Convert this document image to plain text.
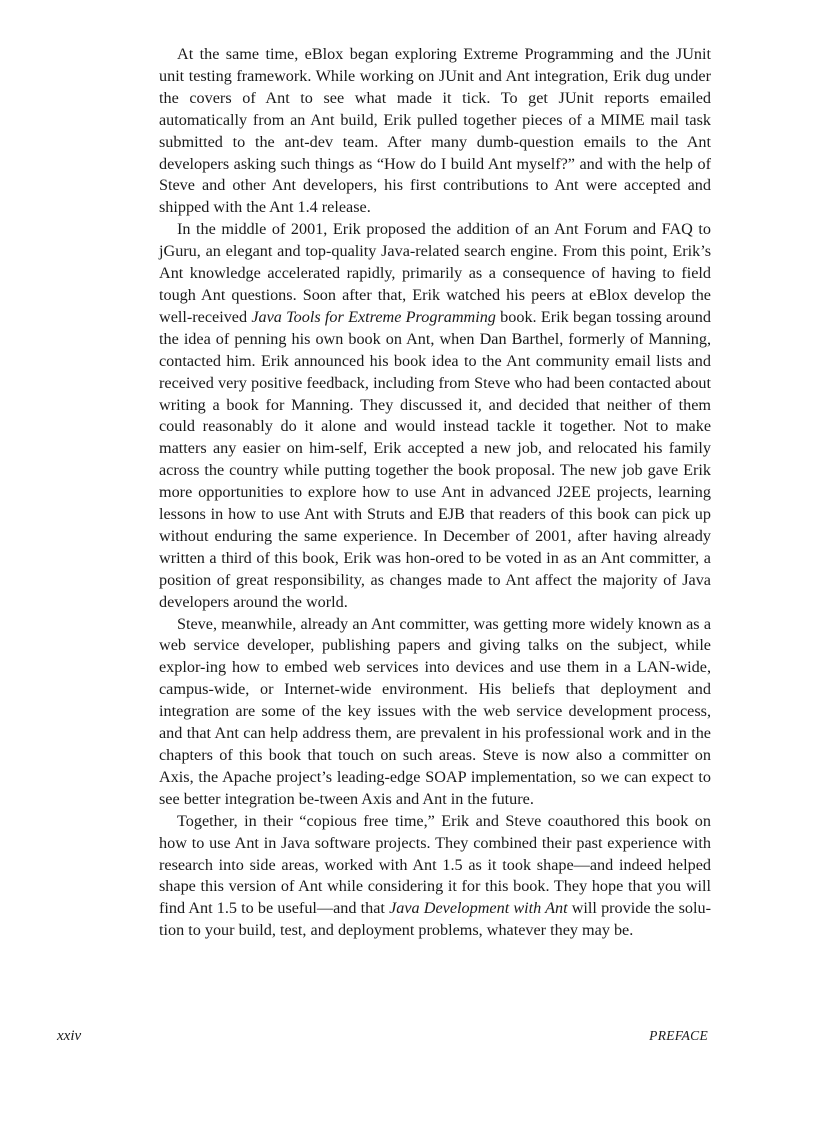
At the same time, eBlox began exploring Extreme Programming and the JUnit unit testing framework. While working on JUnit and Ant integration, Erik dug under the covers of Ant to see what made it tick. To get JUnit reports emailed automatically from an Ant build, Erik pulled together pieces of a MIME mail task submitted to the ant-dev team. After many dumb-question emails to the Ant developers asking such things as “How do I build Ant myself?” and with the help of Steve and other Ant developers, his first contributions to Ant were accepted and shipped with the Ant 1.4 release.

In the middle of 2001, Erik proposed the addition of an Ant Forum and FAQ to jGuru, an elegant and top-quality Java-related search engine. From this point, Erik’s Ant knowledge accelerated rapidly, primarily as a consequence of having to field tough Ant questions. Soon after that, Erik watched his peers at eBlox develop the well-received Java Tools for Extreme Programming book. Erik began tossing around the idea of penning his own book on Ant, when Dan Barthel, formerly of Manning, contacted him. Erik announced his book idea to the Ant community email lists and received very positive feedback, including from Steve who had been contacted about writing a book for Manning. They discussed it, and decided that neither of them could reasonably do it alone and would instead tackle it together. Not to make matters any easier on him-self, Erik accepted a new job, and relocated his family across the country while putting together the book proposal. The new job gave Erik more opportunities to explore how to use Ant in advanced J2EE projects, learning lessons in how to use Ant with Struts and EJB that readers of this book can pick up without enduring the same experience. In December of 2001, after having already written a third of this book, Erik was hon-ored to be voted in as an Ant committer, a position of great responsibility, as changes made to Ant affect the majority of Java developers around the world.

Steve, meanwhile, already an Ant committer, was getting more widely known as a web service developer, publishing papers and giving talks on the subject, while explor-ing how to embed web services into devices and use them in a LAN-wide, campus-wide, or Internet-wide environment. His beliefs that deployment and integration are some of the key issues with the web service development process, and that Ant can help address them, are prevalent in his professional work and in the chapters of this book that touch on such areas. Steve is now also a committer on Axis, the Apache project’s leading-edge SOAP implementation, so we can expect to see better integration be-tween Axis and Ant in the future.

Together, in their “copious free time,” Erik and Steve coauthored this book on how to use Ant in Java software projects. They combined their past experience with research into side areas, worked with Ant 1.5 as it took shape—and indeed helped shape this version of Ant while considering it for this book. They hope that you will find Ant 1.5 to be useful—and that Java Development with Ant will provide the solu-tion to your build, test, and deployment problems, whatever they may be.

xxiv	PREFACE
